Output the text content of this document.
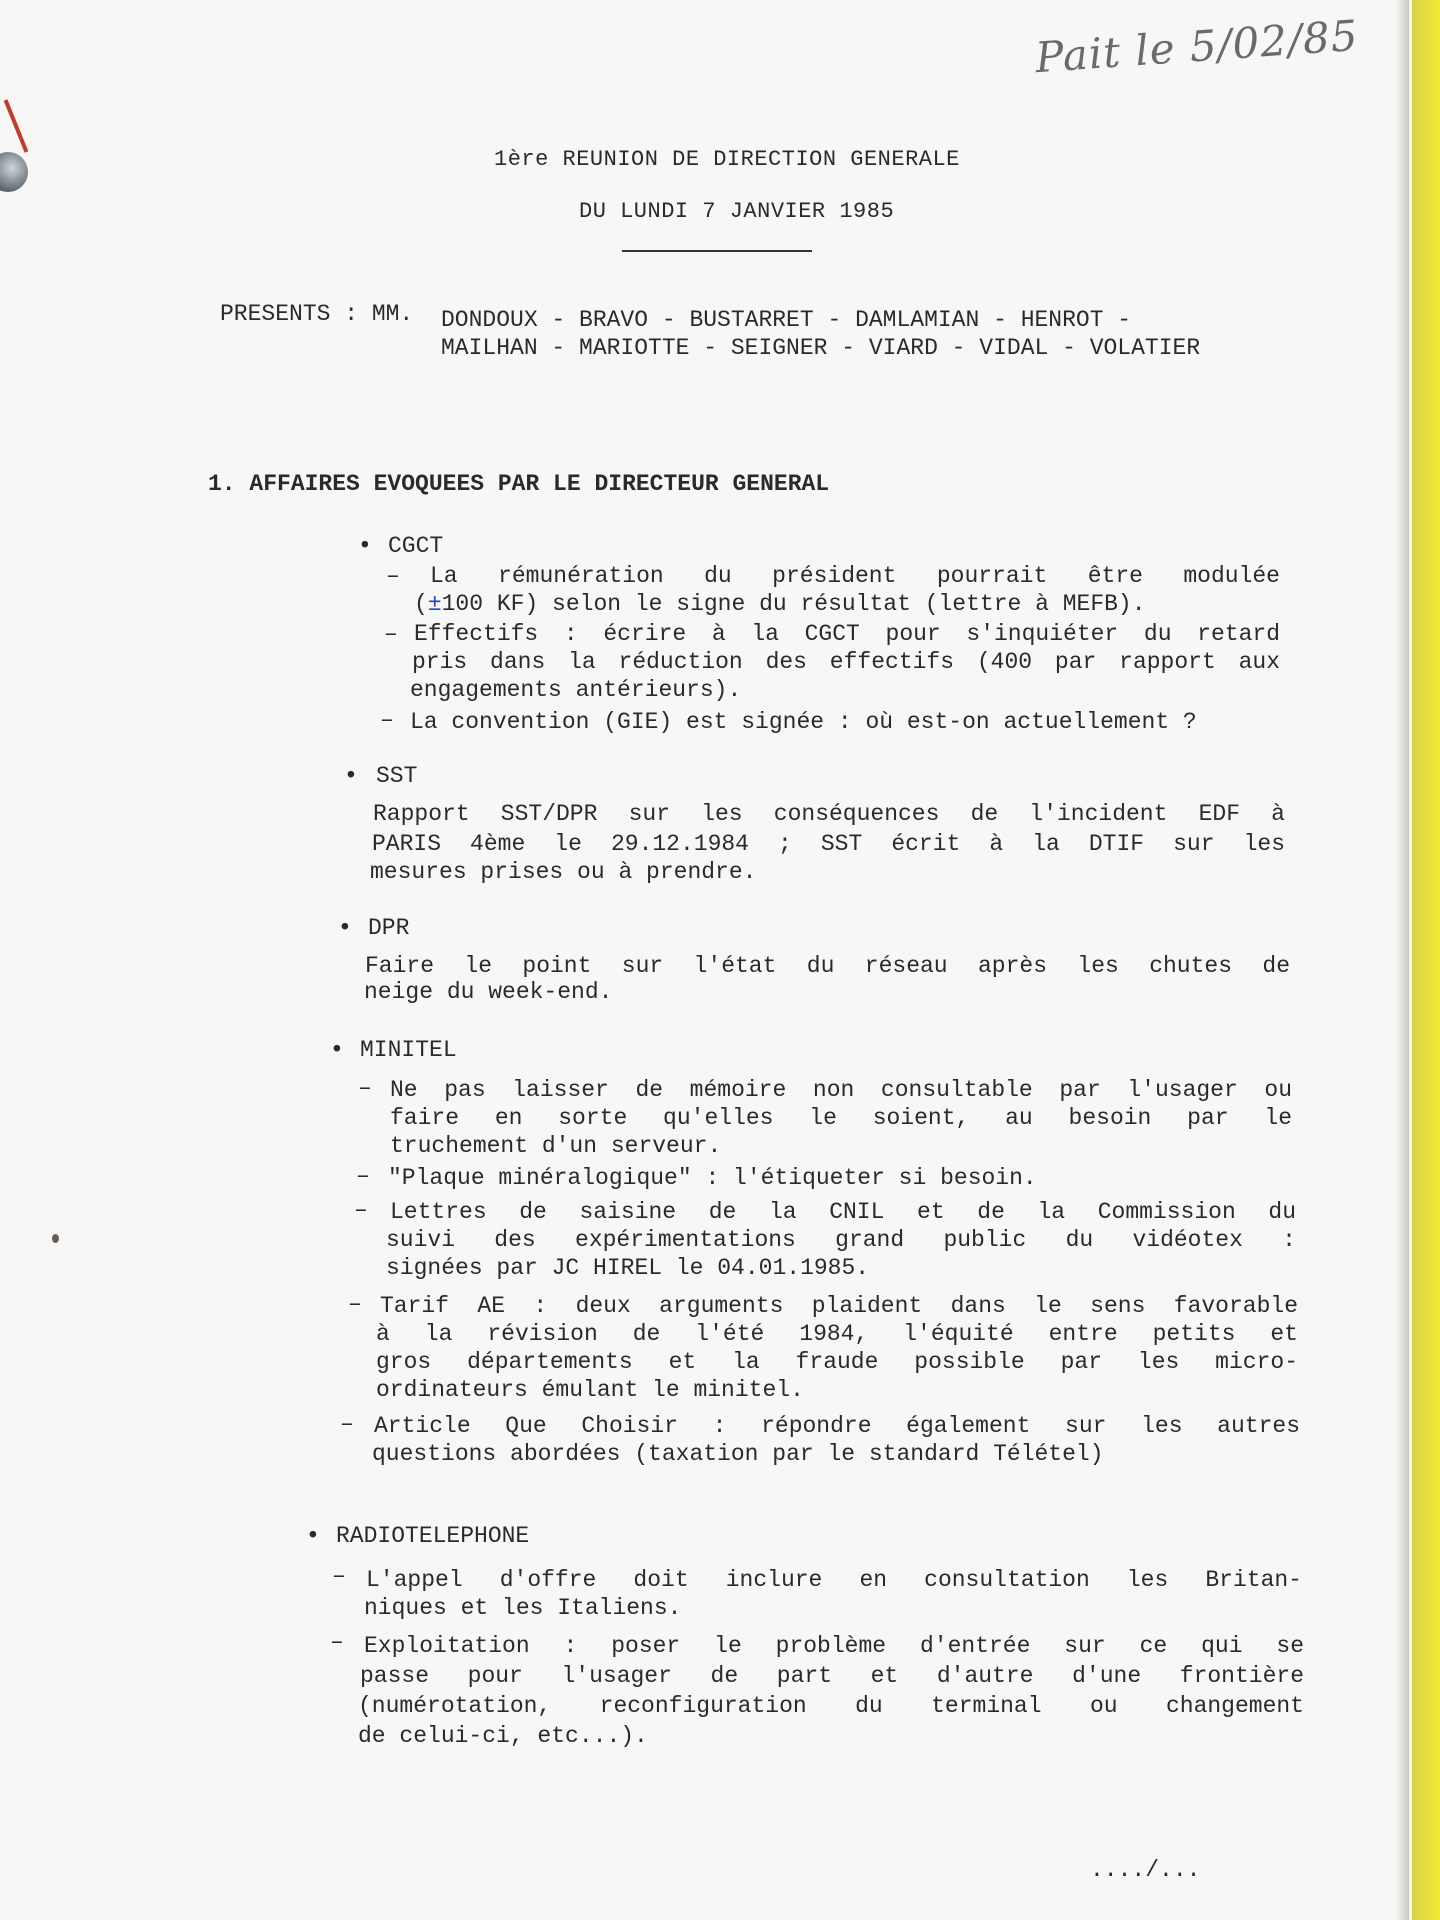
Pait le 5/02/85
1ère REUNION DE DIRECTION GENERALE
DU LUNDI 7 JANVIER 1985
PRESENTS : MM. DONDOUX - BRAVO - BUSTARRET - DAMLAMIAN - HENROT -
MAILHAN - MARIOTTE - SEIGNER - VIARD - VIDAL - VOLATIER
1. AFFAIRES EVOQUEES PAR LE DIRECTEUR GENERAL
• CGCT
– La rémunération du président pourrait être modulée
(±100 KF) selon le signe du résultat (lettre à MEFB).
– Effectifs : écrire à la CGCT pour s'inquiéter du retard
pris dans la réduction des effectifs (400 par rapport aux
engagements antérieurs).
– La convention (GIE) est signée : où est-on actuellement ?
• SST
Rapport SST/DPR sur les conséquences de l'incident EDF à
PARIS 4ème le 29.12.1984 ; SST écrit à la DTIF sur les
mesures prises ou à prendre.
• DPR
Faire le point sur l'état du réseau après les chutes de
neige du week-end.
• MINITEL
– Ne pas laisser de mémoire non consultable par l'usager ou
faire en sorte qu'elles le soient, au besoin par le
truchement d'un serveur.
– "Plaque minéralogique" : l'étiqueter si besoin.
– Lettres de saisine de la CNIL et de la Commission du
suivi des expérimentations grand public du vidéotex :
signées par JC HIREL le 04.01.1985.
– Tarif AE : deux arguments plaident dans le sens favorable
à la révision de l'été 1984, l'équité entre petits et
gros départements et la fraude possible par les micro-
ordinateurs émulant le minitel.
– Article Que Choisir : répondre également sur les autres
questions abordées (taxation par le standard Télétel)
• RADIOTELEPHONE
– L'appel d'offre doit inclure en consultation les Britan-
niques et les Italiens.
– Exploitation : poser le problème d'entrée sur ce qui se
passe pour l'usager de part et d'autre d'une frontière
(numérotation, reconfiguration du terminal ou changement
de celui-ci, etc...).
..../...
